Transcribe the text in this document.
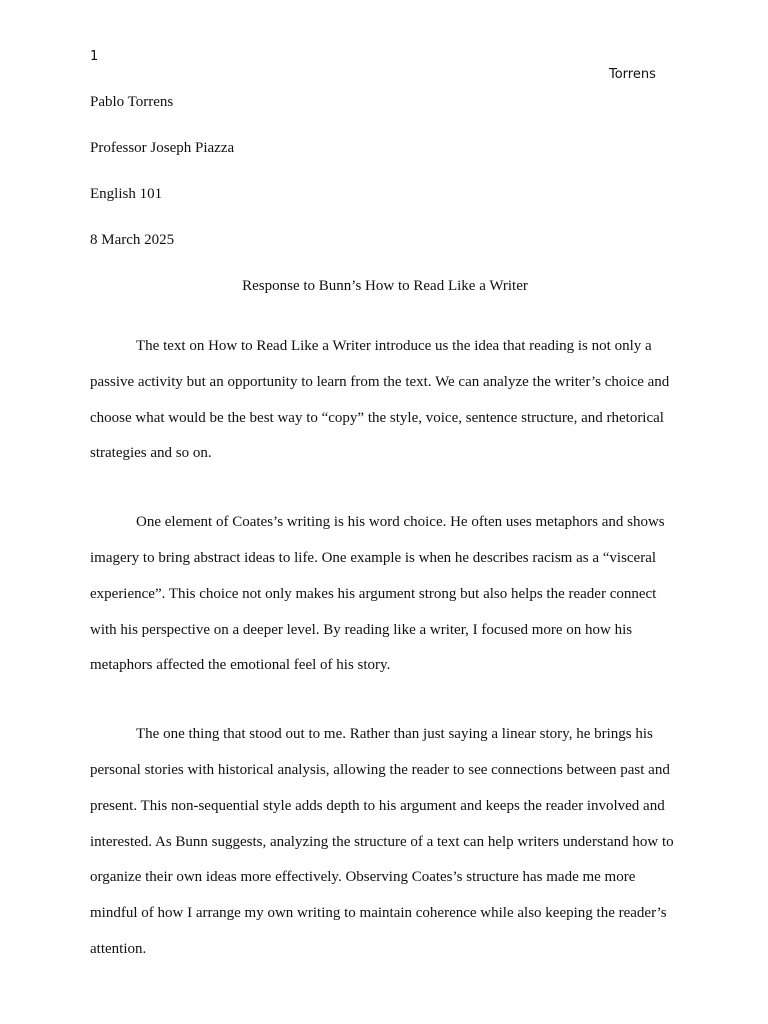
1
Torrens
Pablo Torrens
Professor Joseph Piazza
English 101
8 March 2025
Response to Bunn’s How to Read Like a Writer

The text on How to Read Like a Writer introduce us the idea that reading is not only a passive activity but an opportunity to learn from the text. We can analyze the writer’s choice and choose what would be the best way to “copy” the style, voice, sentence structure, and rhetorical strategies and so on.

One element of Coates’s writing is his word choice. He often uses metaphors and shows imagery to bring abstract ideas to life. One example is when he describes racism as a “visceral experience”. This choice not only makes his argument strong but also helps the reader connect with his perspective on a deeper level. By reading like a writer, I focused more on how his metaphors affected the emotional feel of his story.

The one thing that stood out to me. Rather than just saying a linear story, he brings his personal stories with historical analysis, allowing the reader to see connections between past and present. This non-sequential style adds depth to his argument and keeps the reader involved and interested. As Bunn suggests, analyzing the structure of a text can help writers understand how to organize their own ideas more effectively. Observing Coates’s structure has made me more mindful of how I arrange my own writing to maintain coherence while also keeping the reader’s attention.
